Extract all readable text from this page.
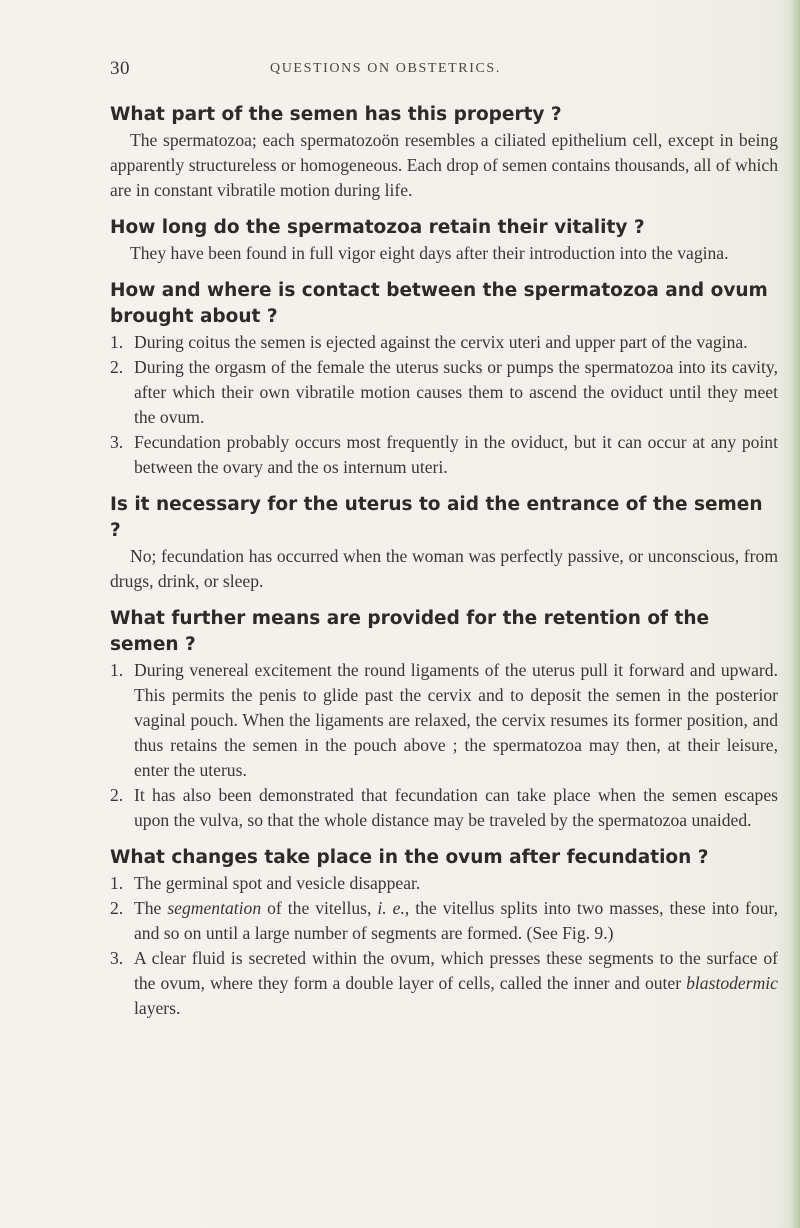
30	QUESTIONS ON OBSTETRICS.

What part of the semen has this property ?

The spermatozoa; each spermatozoön resembles a ciliated epithelium cell, except in being apparently structureless or homogeneous. Each drop of semen contains thousands, all of which are in constant vibratile motion during life.

How long do the spermatozoa retain their vitality ?

They have been found in full vigor eight days after their introduction into the vagina.

How and where is contact between the spermatozoa and ovum brought about ?

1. During coitus the semen is ejected against the cervix uteri and upper part of the vagina.
2. During the orgasm of the female the uterus sucks or pumps the spermatozoa into its cavity, after which their own vibratile motion causes them to ascend the oviduct until they meet the ovum.
3. Fecundation probably occurs most frequently in the oviduct, but it can occur at any point between the ovary and the os internum uteri.

Is it necessary for the uterus to aid the entrance of the semen ?

No; fecundation has occurred when the woman was perfectly passive, or unconscious, from drugs, drink, or sleep.

What further means are provided for the retention of the semen ?

1. During venereal excitement the round ligaments of the uterus pull it forward and upward. This permits the penis to glide past the cervix and to deposit the semen in the posterior vaginal pouch. When the ligaments are relaxed, the cervix resumes its former position, and thus retains the semen in the pouch above ; the spermatozoa may then, at their leisure, enter the uterus.
2. It has also been demonstrated that fecundation can take place when the semen escapes upon the vulva, so that the whole distance may be traveled by the spermatozoa unaided.

What changes take place in the ovum after fecundation ?

1. The germinal spot and vesicle disappear.
2. The segmentation of the vitellus, i. e., the vitellus splits into two masses, these into four, and so on until a large number of segments are formed. (See Fig. 9.)
3. A clear fluid is secreted within the ovum, which presses these segments to the surface of the ovum, where they form a double layer of cells, called the inner and outer blastodermic layers.
